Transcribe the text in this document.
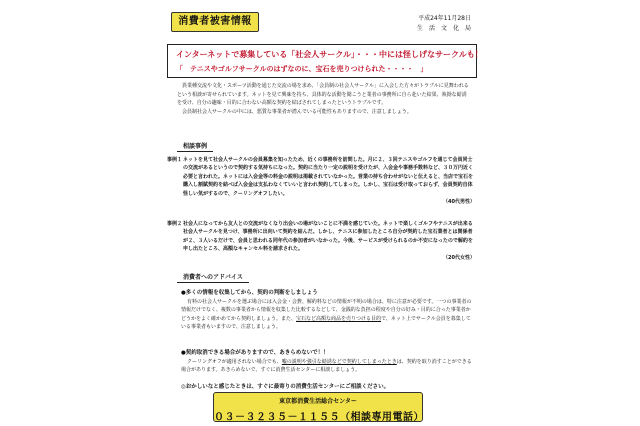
消費者被害情報	平成24年11月28日
生　活　文　化　局
インターネットで募集している「社会人サークル」・・・中には怪しげなサークルも！
「　テニスやゴルフサークルのはずなのに、宝石を売りつけられた・・・・　」

異業種交流や文化・スポーツ活動を通じた交流の場を求め、「会員制の社会人サークル」に入会した方々がトラブルに見舞われるという相談が寄せられています。ネットを見て興味を持ち、具体的な活動を聞こうと業者の事務所に自ら赴いた結果、執拗な勧誘を受け、自分の趣味・目的に合わない高額な契約を結ばされてしまったというトラブルです。

会員制社会人サークルの中には、悪質な事業者が潜んでいる可能性もありますので、注意しましょう。

相談事例
事例１ ネットを見て社会人サークルの会員募集を知ったため、近くの事務所を訪問した。月に２、３回テニスやゴルフを通じて会員同士の交流があるというので契約する気持ちになった。契約に当たり一定の説明を受けたが、入会金や事務手数料など、３０万円近く必要と言われた。ネットには入会金等の料金の説明は掲載されていなかった。営業の持ち合わせがないと伝えると、当店で宝石を購入し割賦契約を結べば入会金は支払わなくていいと言われ契約してしまった。しかし、宝石は受け取っておらず、会員契約自体怪しい気がするので、クーリングオフしたい。
（40代男性）
事例２ 社会人になってから友人との交流がなくなり出会いの場がないことに不満を感じていた。ネットで楽しくゴルフやテニスが出来る社会人サークルを見つけ、事務所に出向いて契約を結んだ。しかし、テニスに参加したところ自分が契約した宝石業者とは関係者が２、３人いるだけで、会員と思われる同年代の参加者がいなかった。今後、サービスが受けられるのか不安になったので解約を申し出たところ、高額なキャンセル料を請求された。
（20代女性）
消費者へのアドバイス
●多くの情報を収集してから、契約の判断をしましょう

有料の社会人サークルを選ぶ場合には入会金・会費、解約料などの情報が不明の場合は、特に注意が必要です。一つの事業者の情報だけでなく、複数の事業者から情報を収集した比較するなどして、金銭的な負担の程度や自分の好み・目的に合った事業者かどうかをよく確かめてから契約しましょう。また、宝石など高額な商品を売りつける目的で、ネット上でサークル会員を募集している事業者もいますので、注意しましょう。

●契約取消できる場合がありますので、あきらめないで！！

クーリングオフが適用されない場合でも、嘘の説明や強引な勧誘などで契約してしまったときは、契約を取り消すことができる場合があります。あきらめないで、すぐに消費生活センターに相談しましょう。

◎おかしいなと感じたときは、すぐに最寄りの消費生活センターにご相談ください。
東京都消費生活総合センター
０３－３２３５－１１５５（相談専用電話）
